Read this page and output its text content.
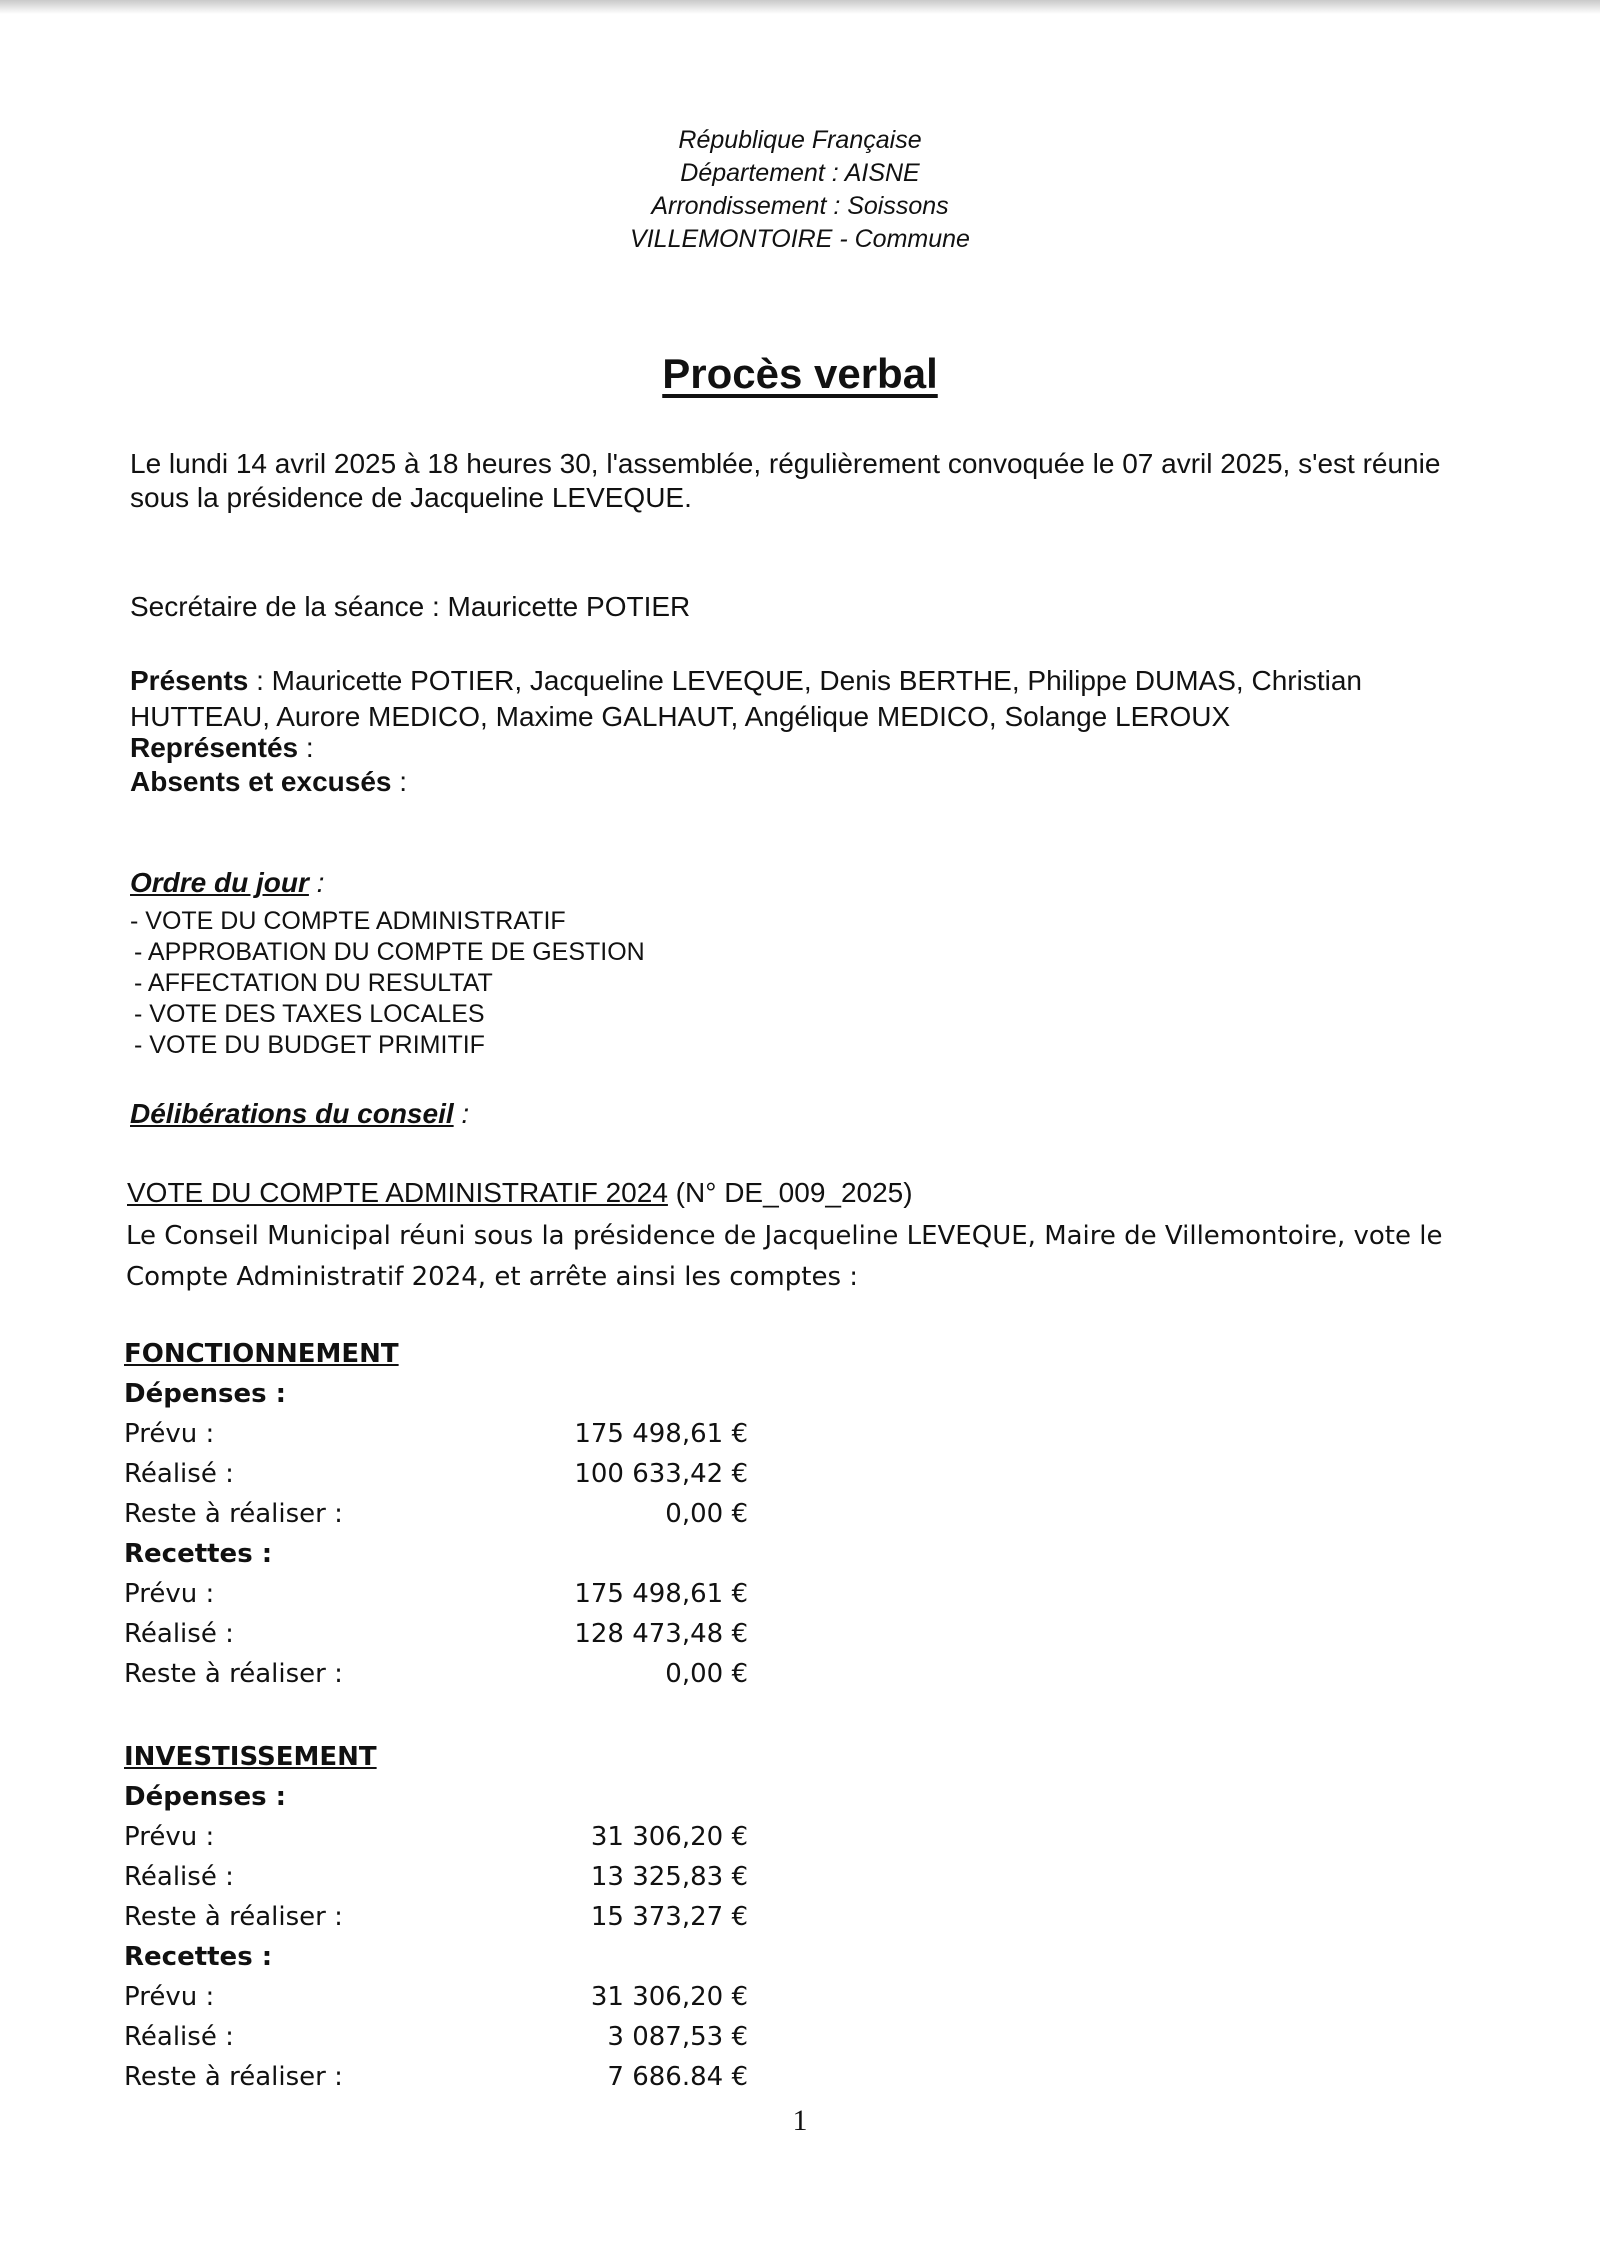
République Française
Département : AISNE
Arrondissement : Soissons
VILLEMONTOIRE - Commune
Procès verbal
Le lundi 14 avril 2025 à 18 heures 30, l'assemblée, régulièrement convoquée le 07 avril 2025, s'est réunie sous la présidence de Jacqueline LEVEQUE.
Secrétaire de la séance : Mauricette POTIER
Présents : Mauricette POTIER, Jacqueline LEVEQUE, Denis BERTHE, Philippe DUMAS, Christian HUTTEAU, Aurore MEDICO, Maxime GALHAUT, Angélique MEDICO, Solange LEROUX
Représentés :
Absents et excusés :
Ordre du jour :
- VOTE DU COMPTE ADMINISTRATIF
- APPROBATION DU COMPTE DE GESTION
- AFFECTATION DU RESULTAT
- VOTE DES TAXES LOCALES
- VOTE DU BUDGET PRIMITIF
Délibérations du conseil :
VOTE DU COMPTE ADMINISTRATIF 2024 (N° DE_009_2025)
Le Conseil Municipal réuni sous la présidence de Jacqueline LEVEQUE, Maire de Villemontoire, vote le Compte Administratif 2024, et arrête ainsi les comptes :
FONCTIONNEMENT
Dépenses :
Prévu :	175 498,61 €
Réalisé :	100 633,42 €
Reste à réaliser :	0,00 €
Recettes :
Prévu :	175 498,61 €
Réalisé :	128 473,48 €
Reste à réaliser :	0,00 €
INVESTISSEMENT
Dépenses :
Prévu :	31 306,20 €
Réalisé :	13 325,83 €
Reste à réaliser :	15 373,27 €
Recettes :
Prévu :	31 306,20 €
Réalisé :	3 087,53 €
Reste à réaliser :	7 686.84 €
1
